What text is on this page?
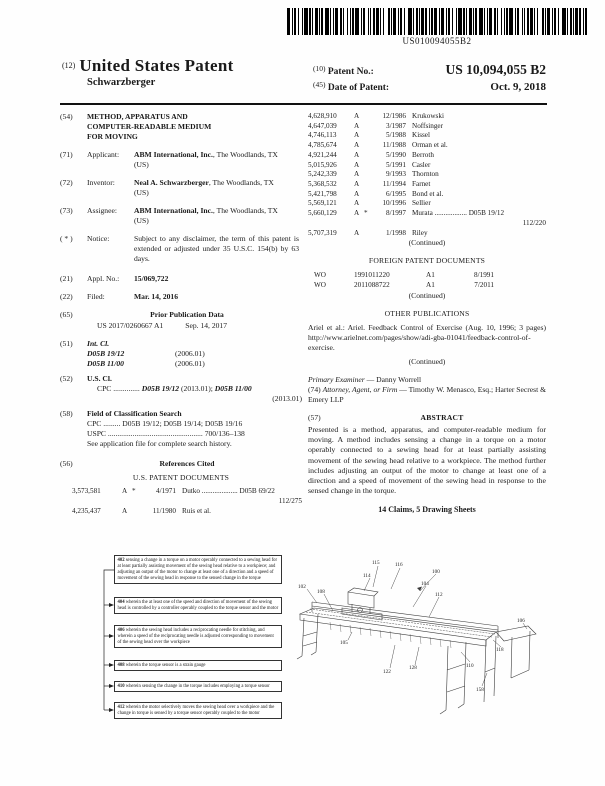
US010094055B2
(12) United States Patent
Schwarzberger
$^{(10)}$ Patent No.:	US 10,094,055 B2
$^{(45)}$ Date of Patent:	Oct. 9, 2018
(54)	METHOD, APPARATUS AND COMPUTER-READABLE MEDIUM FOR MOVING
(71)	Applicant:	ABM International, Inc., The Woodlands, TX (US)
(72)	Inventor:	Neal A. Schwarzberger, The Woodlands, TX (US)
(73)	Assignee:	ABM International, Inc., The Woodlands, TX (US)
( * )	Notice:	Subject to any disclaimer, the term of this patent is extended or adjusted under 35 U.S.C. 154(b) by 63 days.
(21)	Appl. No.:	15/069,722
(22)	Filed:	Mar. 14, 2016
(65)	Prior Publication Data
US 2017/0260667 A1	Sep. 14, 2017
(51)	Int. Cl.
D05B 19/12	(2006.01)
D05B 11/00	(2006.01)
(52)	U.S. Cl.
CPC .............. D05B 19/12 (2013.01); D05B 11/00
(2013.01)
(58)	Field of Classification Search
CPC ......... D05B 19/12; D05B 19/14; D05B 19/16
USPC .................................................. 700/136–138
See application file for complete search history.
(56)	References Cited
U.S. PATENT DOCUMENTS
3,573,581	A *	4/1971 Dutko .................... D05B 69/22
112/275
4,235,437	A	11/1980 Ruis et al.
4,628,910	A	12/1986 Krukowski
4,647,039	A	3/1987 Noffsinger
4,746,113	A	5/1988 Kissel
4,785,674	A	11/1988 Orman et al.
4,921,244	A	5/1990 Berroth
5,015,926	A	5/1991 Casler
5,242,339	A	9/1993 Thornton
5,368,532	A	11/1994 Farnet
5,421,798	A	6/1995 Bond et al.
5,569,121	A	10/1996 Sellier
5,660,129	A *	8/1997 Murata .................. D05B 19/12
112/220
5,707,319	A	1/1998 Riley
(Continued)
FOREIGN PATENT DOCUMENTS
WO	1991011220	A1	8/1991
WO	2011088722	A1	7/2011
(Continued)
OTHER PUBLICATIONS
Ariel et al.: Ariel. Feedback Control of Exercise (Aug. 10, 1996; 3 pages) http://www.arielnet.com/pages/show/adi-gba-01041/feedback-control-of-exercise.
(Continued)
Primary Examiner — Danny Worrell
(74) Attorney, Agent, or Firm — Timothy W. Menasco, Esq.; Harter Secrest & Emery LLP
(57)	ABSTRACT
Presented is a method, apparatus, and computer-readable medium for moving. A method includes sensing a change in a torque on a motor operably connected to a sewing head for at least partially assisting movement of the sewing head relative to a workpiece. The method further includes adjusting an output of the motor to change at least one of a direction and a speed of movement of the sewing head in response to the sensed change in the torque.
14 Claims, 5 Drawing Sheets
402 sensing a change in a torque on a motor operably connected to a sewing head for at least partially assisting movement of the sewing head relative to a workpiece; and adjusting an output of the motor to change at least one of a direction and a speed of movement of the sewing head in response to the sensed change in the torque
404 wherein the at least one of the speed and direction of movement of the sewing head is controlled by a controller operably coupled to the torque sensor and the motor
406 wherein the sewing head includes a reciprocating needle for stitching, and wherein a speed of the reciprocating needle is adjusted corresponding to movement of the sewing head over the workpiece
408 wherein the torque sensor is a strain gauge
410 wherein sensing the change in the torque includes employing a torque sensor
412 wherein the motor selectively moves the sewing head over a workpiece and the change in torque is sensed by a torque sensor operably coupled to the motor
100
116
115
104
102
108
114
112
106
118
110
105
122
158
128
